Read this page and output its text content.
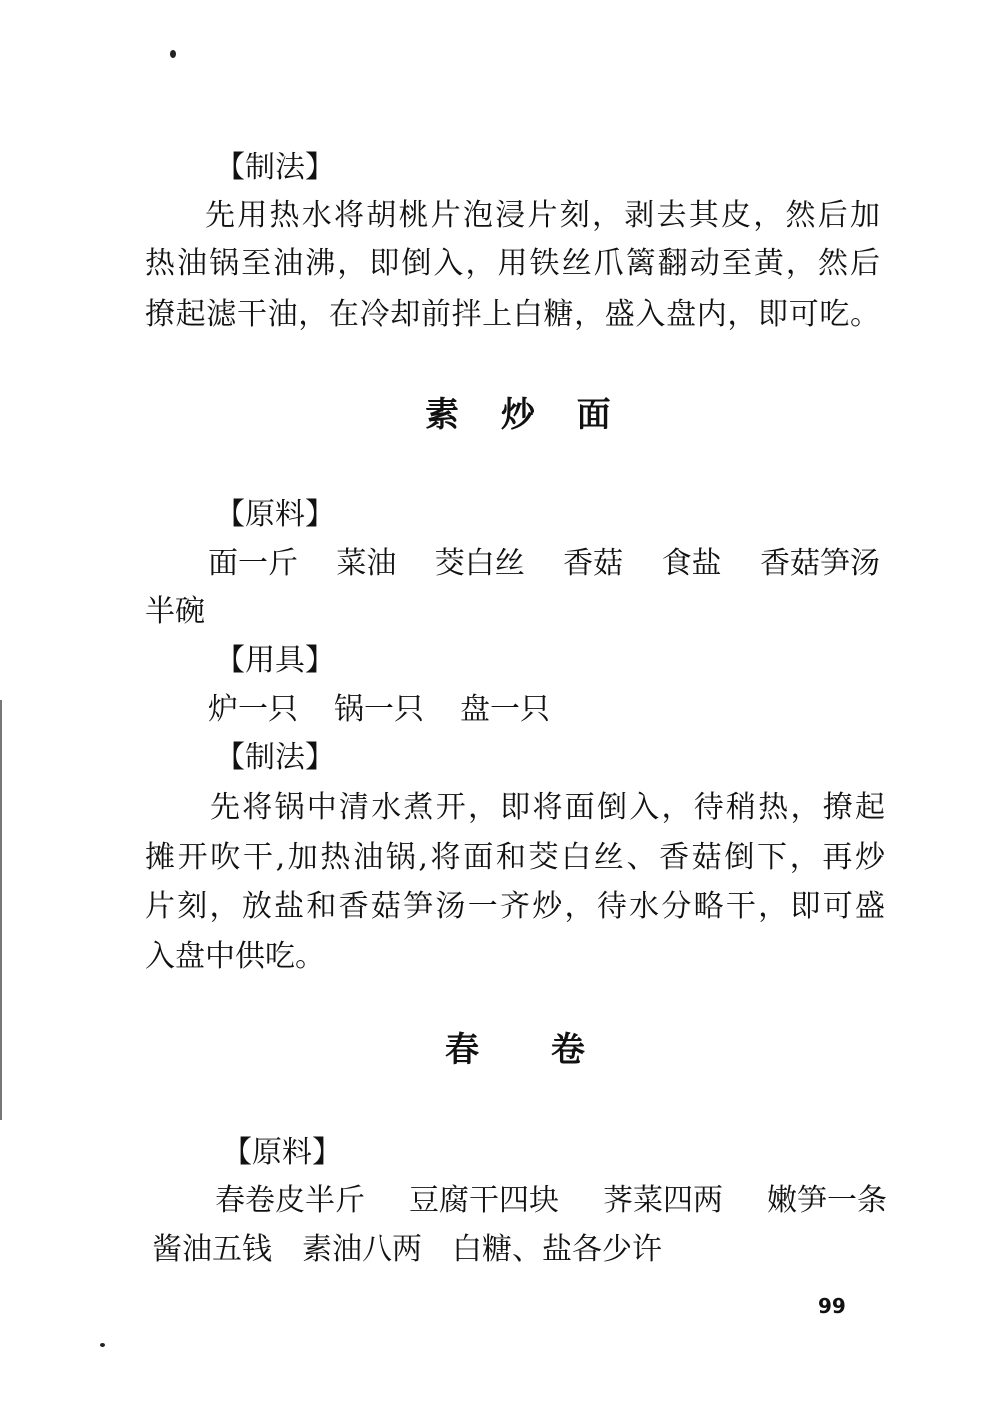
【制法】
先用热水将胡桃片泡浸片刻，剥去其皮，然后加
热油锅至油沸，即倒入，用铁丝爪篱翻动至黄，然后
撩起滤干油，在冷却前拌上白糖，盛入盘内，即可吃。
素 炒 面
【原料】
面一斤 菜油 茭白丝 香菇 食盐 香菇笋汤
半碗
【用具】
炉一只 锅一只 盘一只
【制法】
先将锅中清水煮开，即将面倒入，待稍热，撩起
摊开吹干,加热油锅,将面和茭白丝、香菇倒下，再炒
片刻，放盐和香菇笋汤一齐炒，待水分略干，即可盛
入盘中供吃。
春 卷
【原料】
春卷皮半斤 豆腐干四块 荠菜四两 嫩笋一条
酱油五钱 素油八两 白糖、盐各少许
99
